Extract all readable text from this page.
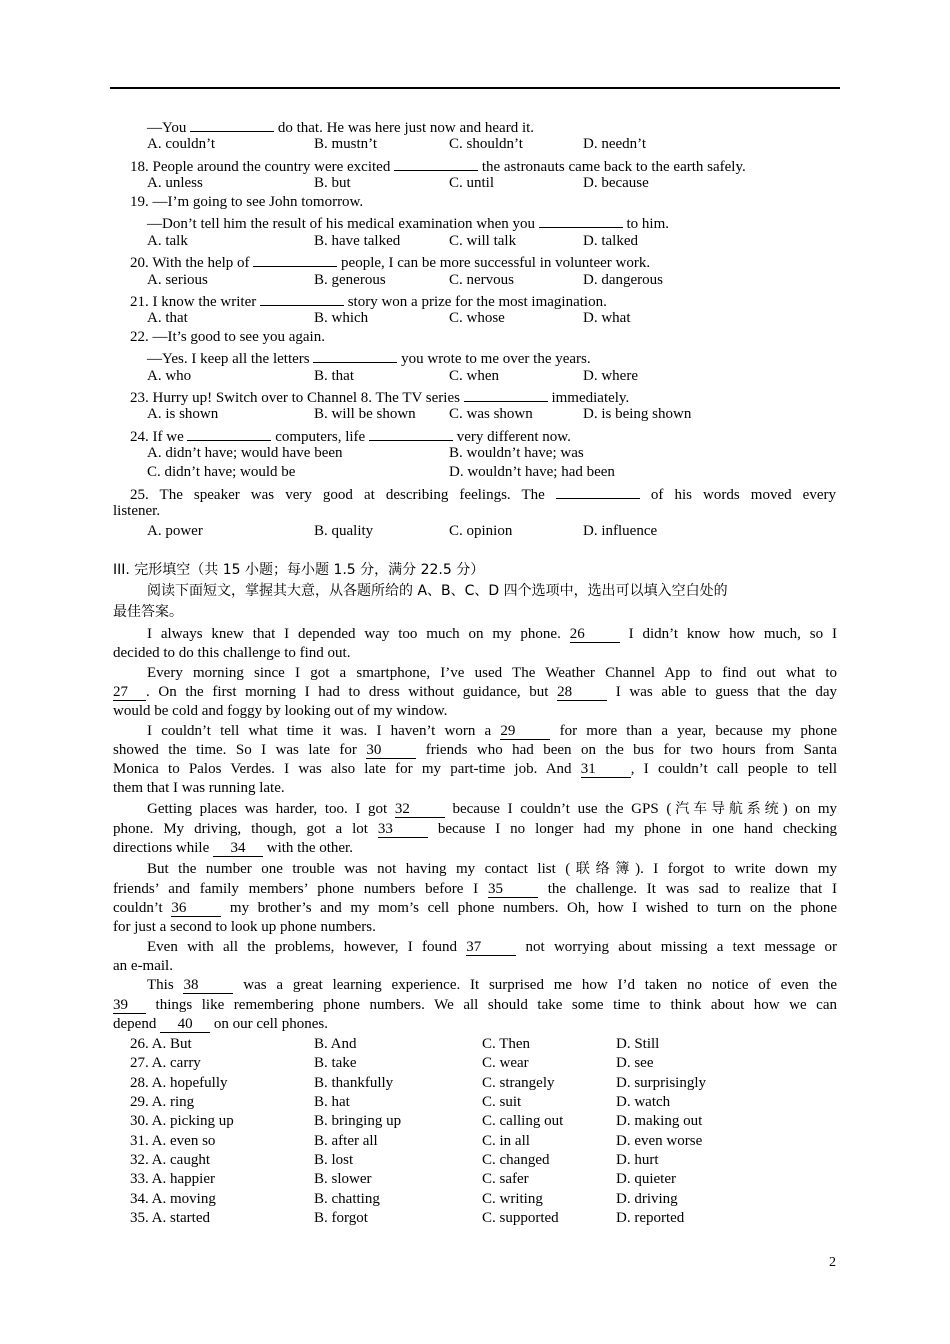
—You	do that. He was here just now and heard it.
A. couldn’t	B. mustn’t	C. shouldn’t	D. needn’t
18. People around the country were excited	the astronauts came back to the earth safely.
A. unless	B. but	C. until	D. because
19. —I’m going to see John tomorrow.
—Don’t tell him the result of his medical examination when you	to him.
A. talk	B. have talked	C. will talk	D. talked
20. With the help of	people, I can be more successful in volunteer work.
A. serious	B. generous	C. nervous	D. dangerous
21. I know the writer	story won a prize for the most imagination.
A. that	B. which	C. whose	D. what
22. —It’s good to see you again.
—Yes. I keep all the letters	you wrote to me over the years.
A. who	B. that	C. when	D. where
23. Hurry up! Switch over to Channel 8. The TV series	immediately.
A. is shown	B. will be shown C. was shown	D. is being shown
24. If we	computers, life	very different now.
A. didn’t have; would have been	B. wouldn’t have; was
C. didn’t have; would be	D. wouldn’t have; had been
25. The speaker was very good at describing feelings. The	of his words moved every
listener.
A. power	B. quality	C. opinion	D. influence
III. 完形填空（共 15 小题；每小题 1.5 分，满分 22.5 分）
阅读下面短文，掌握其大意，从各题所给的 A、B、C、D 四个选项中，选出可以填入空白处的
最佳答案。
I always knew that I depended way too much on my phone. 26 I didn’t know how much, so I
decided to do this challenge to find out.
Every morning since I got a smartphone, I’ve used The Weather Channel App to find out what to
27 . On the first morning I had to dress without guidance, but 28 I was able to guess that the day
would be cold and foggy by looking out of my window.
I couldn’t tell what time it was. I haven’t worn a 29 for more than a year, because my phone
showed the time. So I was late for 30 friends who had been on the bus for two hours from Santa
Monica to Palos Verdes. I was also late for my part-time job. And 31 , I couldn’t call people to tell
them that I was running late.
Getting places was harder, too. I got 32 because I couldn’t use the GPS (汽车导航系统) on my
phone. My driving, though, got a lot 33 because I no longer had my phone in one hand checking
directions while 34 with the other.
But the number one trouble was not having my contact list (联络簿). I forgot to write down my
friends’ and family members’ phone numbers before I 35 the challenge. It was sad to realize that I
couldn’t 36 my brother’s and my mom’s cell phone numbers. Oh, how I wished to turn on the phone
for just a second to look up phone numbers.
Even with all the problems, however, I found 37 not worrying about missing a text message or
an e-mail.
This 38 was a great learning experience. It surprised me how I’d taken no notice of even the
39 things like remembering phone numbers. We all should take some time to think about how we can
depend 40 on our cell phones.
26. A. But	B. And	C. Then	D. Still
27. A. carry	B. take	C. wear	D. see
28. A. hopefully	B. thankfully	C. strangely	D. surprisingly
29. A. ring	B. hat	C. suit	D. watch
30. A. picking up	B. bringing up	C. calling out	D. making out
31. A. even so	B. after all	C. in all	D. even worse
32. A. caught	B. lost	C. changed	D. hurt
33. A. happier	B. slower	C. safer	D. quieter
34. A. moving	B. chatting	C. writing	D. driving
35. A. started	B. forgot	C. supported	D. reported
2
